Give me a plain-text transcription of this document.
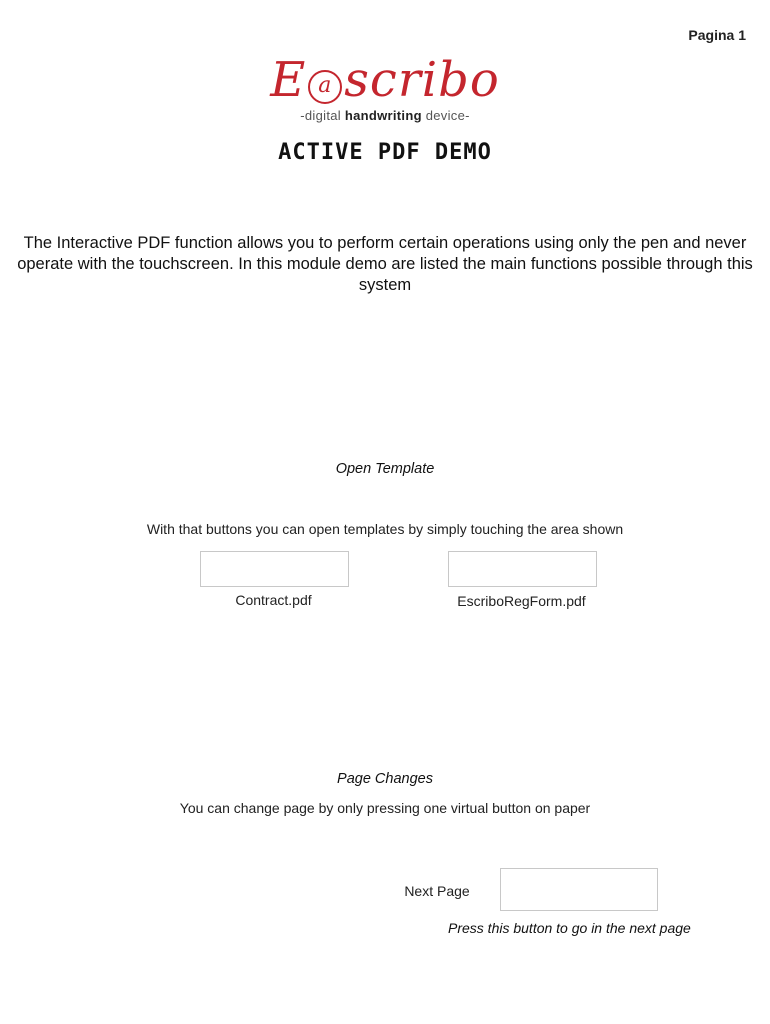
Pagina 1
E a scribo
-digital handwriting device-
ACTIVE PDF DEMO
The Interactive PDF function allows you to perform certain operations using only the pen and never operate with the touchscreen. In this module demo are listed the main functions possible through this system
Open Template
With that buttons you can open templates by simply touching the area shown
Contract.pdf	EscriboRegForm.pdf
Page Changes
You can change page by only pressing one virtual button on paper
Next Page
Press this button to go in the next page
